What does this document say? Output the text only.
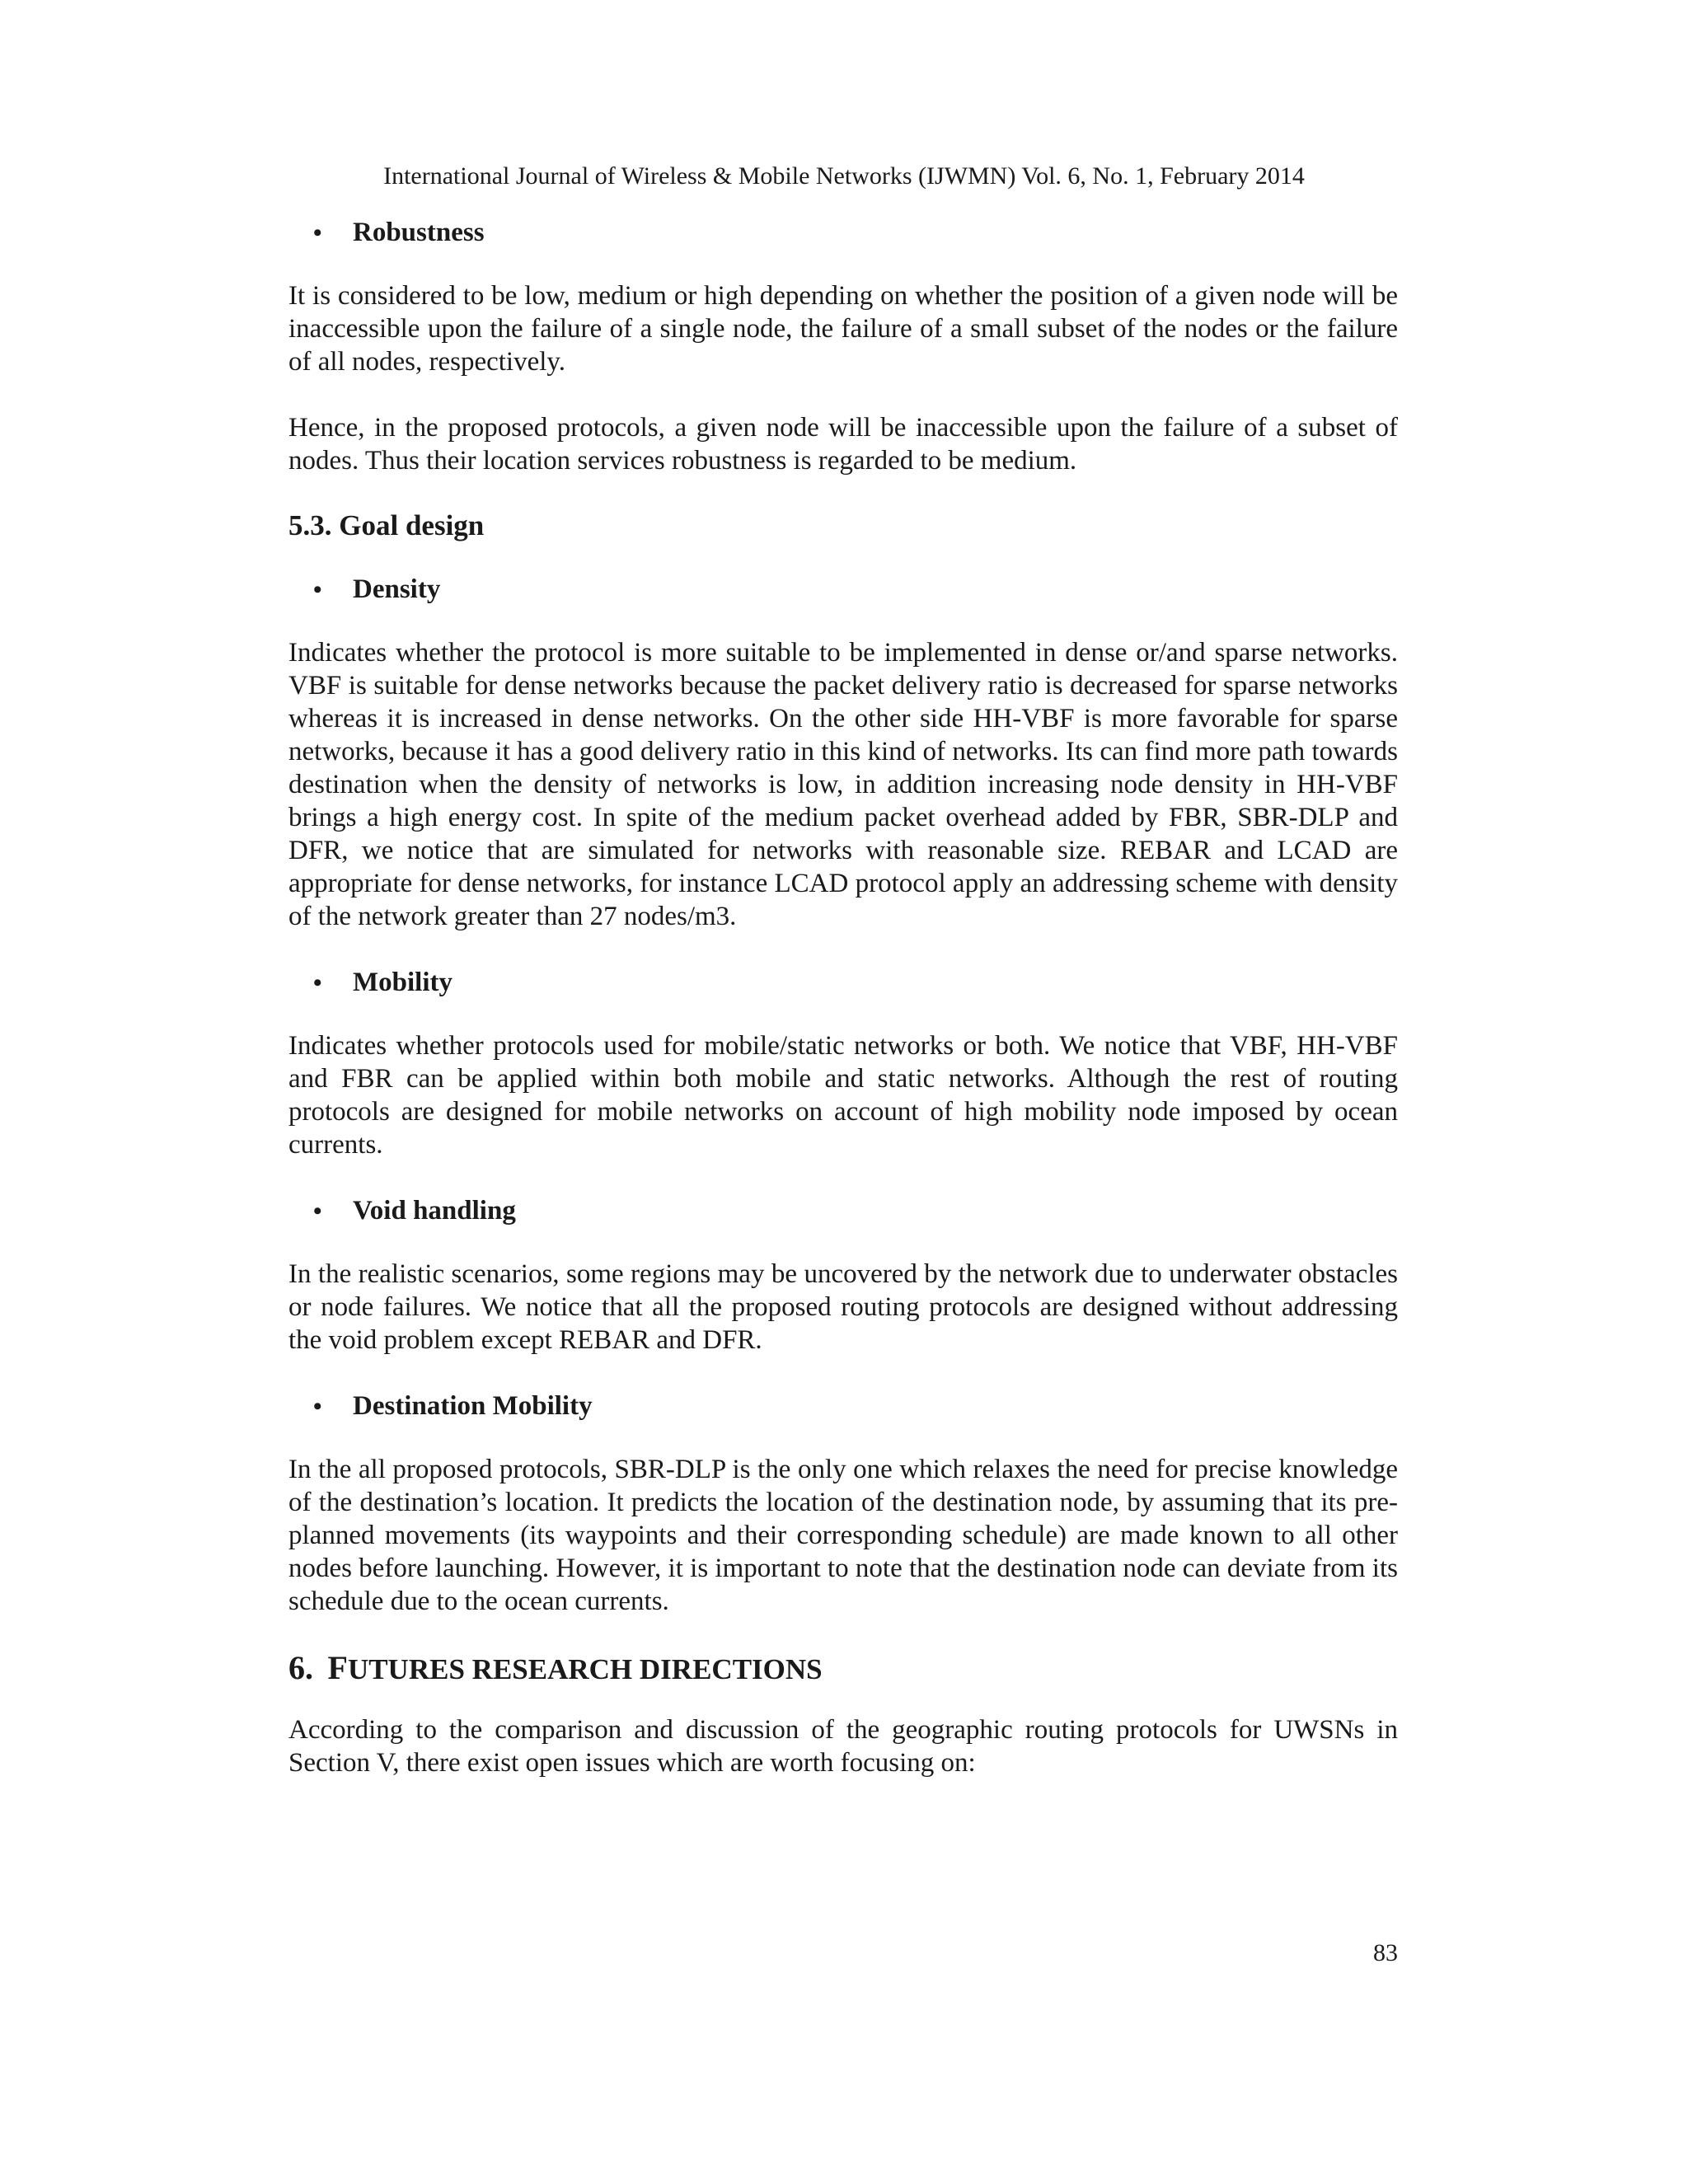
International Journal of Wireless & Mobile Networks (IJWMN) Vol. 6, No. 1, February 2014
•	Robustness

It is considered to be low, medium or high depending on whether the position of a given node will be inaccessible upon the failure of a single node, the failure of a small subset of the nodes or the failure of all nodes, respectively.

Hence, in the proposed protocols, a given node will be inaccessible upon the failure of a subset of nodes. Thus their location services robustness is regarded to be medium.

5.3. Goal design
•	Density

Indicates whether the protocol is more suitable to be implemented in dense or/and sparse networks. VBF is suitable for dense networks because the packet delivery ratio is decreased for sparse networks whereas it is increased in dense networks. On the other side HH-VBF is more favorable for sparse networks, because it has a good delivery ratio in this kind of networks. Its can find more path towards destination when the density of networks is low, in addition increasing node density in HH-VBF brings a high energy cost. In spite of the medium packet overhead added by FBR, SBR-DLP and DFR, we notice that are simulated for networks with reasonable size. REBAR and LCAD are appropriate for dense networks, for instance LCAD protocol apply an addressing scheme with density of the network greater than 27 nodes/m3.

•	Mobility

Indicates whether protocols used for mobile/static networks or both. We notice that VBF, HH-VBF and FBR can be applied within both mobile and static networks. Although the rest of routing protocols are designed for mobile networks on account of high mobility node imposed by ocean currents.

•	Void handling

In the realistic scenarios, some regions may be uncovered by the network due to underwater obstacles or node failures. We notice that all the proposed routing protocols are designed without addressing the void problem except REBAR and DFR.

•	Destination Mobility

In the all proposed protocols, SBR-DLP is the only one which relaxes the need for precise knowledge of the destination’s location. It predicts the location of the destination node, by assuming that its pre-planned movements (its waypoints and their corresponding schedule) are made known to all other nodes before launching. However, it is important to note that the destination node can deviate from its schedule due to the ocean currents.

6. FUTURES RESEARCH DIRECTIONS

According to the comparison and discussion of the geographic routing protocols for UWSNs in Section V, there exist open issues which are worth focusing on:

83
